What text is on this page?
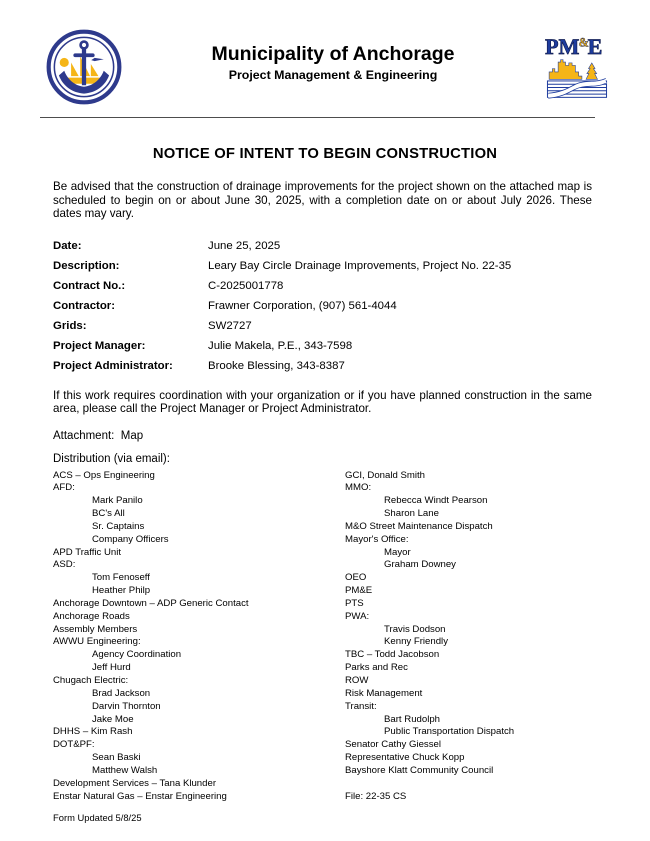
Municipality of Anchorage
Project Management & Engineering
PM &
E
NOTICE OF INTENT TO BEGIN CONSTRUCTION

Be advised that the construction of drainage improvements for the project shown on the attached map is scheduled to begin on or about June 30, 2025, with a completion date on or about July 2026. These dates may vary.

Date:	June 25, 2025
Description:	Leary Bay Circle Drainage Improvements, Project No. 22-35
Contract No.:	C-2025001778
Contractor:	Frawner Corporation, (907) 561-4044
Grids:	SW2727
Project Manager:	Julie Makela, P.E., 343-7598
Project Administrator:	Brooke Blessing, 343-8387

If this work requires coordination with your organization or if you have planned construction in the same area, please call the Project Manager or Project Administrator.

Attachment:  Map
Distribution (via email):
ACS – Ops Engineering
AFD:
Mark Panilo
BC's All
Sr. Captains
Company Officers
APD Traffic Unit
ASD:
Tom Fenoseff
Heather Philp
Anchorage Downtown – ADP Generic Contact
Anchorage Roads
Assembly Members
AWWU Engineering:
Agency Coordination
Jeff Hurd
Chugach Electric:
Brad Jackson
Darvin Thornton
Jake Moe
DHHS – Kim Rash
DOT&PF:
Sean Baski
Matthew Walsh
Development Services – Tana Klunder
Enstar Natural Gas – Enstar Engineering
GCI, Donald Smith
MMO:
Rebecca Windt Pearson
Sharon Lane
M&O Street Maintenance Dispatch
Mayor's Office:
Mayor
Graham Downey
OEO
PM&E
PTS
PWA:
Travis Dodson
Kenny Friendly
TBC – Todd Jacobson
Parks and Rec
ROW
Risk Management
Transit:
Bart Rudolph
Public Transportation Dispatch
Senator Cathy Giessel
Representative Chuck Kopp
Bayshore Klatt Community Council
File: 22-35 CS
Form Updated 5/8/25
